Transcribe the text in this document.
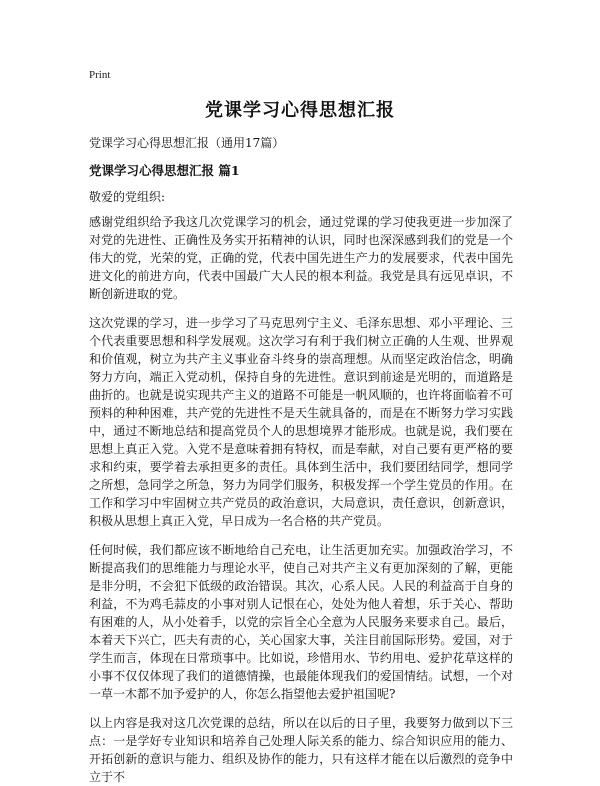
Print
党课学习心得思想汇报
党课学习心得思想汇报（通用17篇）
党课学习心得思想汇报 篇1
敬爱的党组织:

感谢党组织给予我这几次党课学习的机会，通过党课的学习使我更进一步加深了对党的先进性、正确性及务实开拓精神的认识，同时也深深感到我们的党是一个伟大的党，光荣的党，正确的党，代表中国先进生产力的发展要求，代表中国先进文化的前进方向，代表中国最广大人民的根本利益。我党是具有远见卓识，不断创新进取的党。

这次党课的学习，进一步学习了马克思列宁主义、毛泽东思想、邓小平理论、三个代表重要思想和科学发展观。这次学习有利于我们树立正确的人生观、世界观和价值观，树立为共产主义事业奋斗终身的崇高理想。从而坚定政治信念，明确努力方向，端正入党动机，保持自身的先进性。意识到前途是光明的，而道路是曲折的。也就是说实现共产主义的道路不可能是一帆风顺的，也许将面临着不可预料的种种困难，共产党的先进性不是天生就具备的，而是在不断努力学习实践中，通过不断地总结和提高党员个人的思想境界才能形成。也就是说，我们要在思想上真正入党。入党不是意味着拥有特权，而是奉献，对自己要有更严格的要求和约束，要学着去承担更多的责任。具体到生活中，我们要团结同学，想同学之所想，急同学之所急，努力为同学们服务，积极发挥一个学生党员的作用。在工作和学习中牢固树立共产党员的政治意识，大局意识，责任意识，创新意识，积极从思想上真正入党，早日成为一名合格的共产党员。

任何时候，我们都应该不断地给自己充电，让生活更加充实。加强政治学习，不断提高我们的思维能力与理论水平，使自己对共产主义有更加深刻的了解，更能是非分明，不会犯下低级的政治错误。其次，心系人民。人民的利益高于自身的利益，不为鸡毛蒜皮的小事对别人记恨在心，处处为他人着想，乐于关心、帮助有困难的人，从小处着手，以党的宗旨全心全意为人民服务来要求自己。最后，本着天下兴亡，匹夫有责的心，关心国家大事，关注目前国际形势。爱国，对于学生而言，体现在日常琐事中。比如说，珍惜用水、节约用电、爱护花草这样的小事不仅仅体现了我们的道德情操，也最能体现我们的爱国情结。试想，一个对一草一木都不加予爱护的人，你怎么指望他去爱护祖国呢?

以上内容是我对这几次党课的总结，所以在以后的日子里，我要努力做到以下三点：一是学好专业知识和培养自己处理人际关系的能力、综合知识应用的能力、开拓创新的意识与能力、组织及协作的能力，只有这样才能在以后激烈的竞争中立于不
